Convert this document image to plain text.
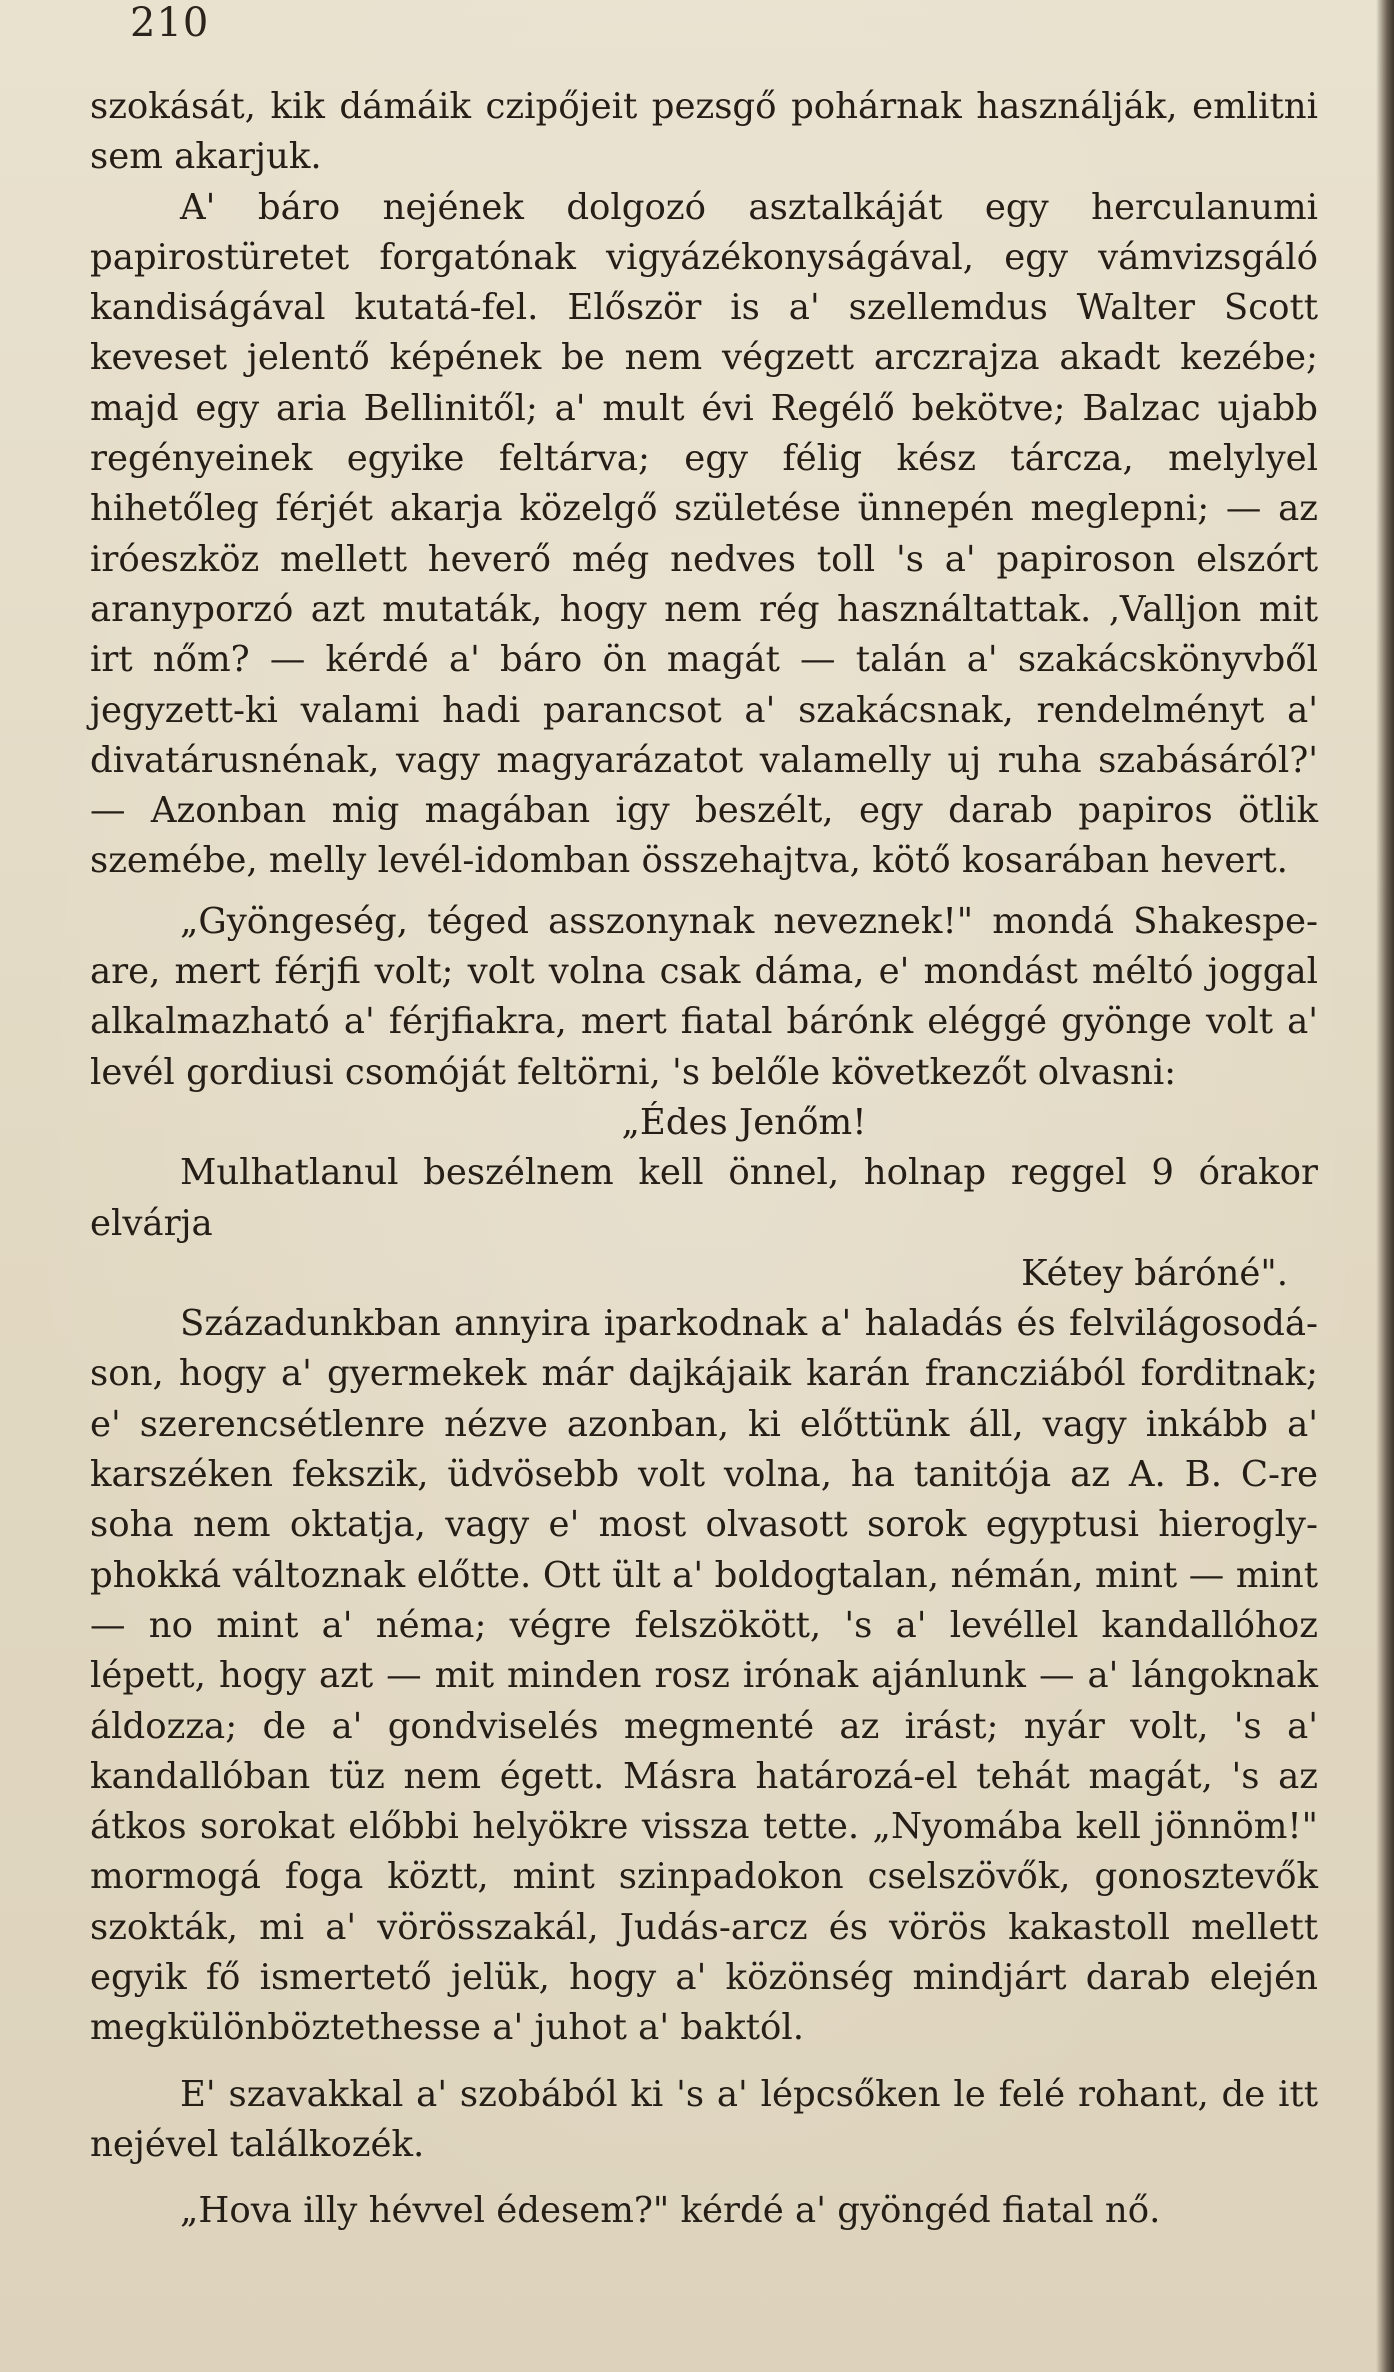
210

szokását, kik dámáik czipőjeit pezsgő pohárnak használják, emlitni sem akarjuk.

A' báro nejének dolgozó asztalkáját egy herculanumi papirostüretet forgatónak vigyázékonyságával, egy vámvizsgáló kandiságával kutatá-fel. Először is a' szellemdus Walter Scott keveset jelentő képének be nem végzett arczrajza akadt kezébe; majd egy aria Bellinitől; a' mult évi Regélő bekötve; Balzac ujabb regényeinek egyike feltárva; egy félig kész tárcza, melylyel hihetőleg férjét akarja közelgő születése ünnepén meglepni; — az iróeszköz mellett heverő még nedves toll 's a' papiroson elszórt aranyporzó azt mutaták, hogy nem rég használtattak. ‚Valljon mit irt nőm? — kérdé a' báro ön magát — talán a' szakácskönyvből jegyzett-ki valami hadi parancsot a' szakácsnak, rendelményt a' divatárusnénak, vagy magyarázatot valamelly uj ruha szabásáról?' — Azonban mig magában igy beszélt, egy darab papiros ötlik szemébe, melly levél-idomban összehajtva, kötő kosarában hevert.

„Gyöngeség, téged asszonynak neveznek!" mondá Shakespeare, mert férjfi volt; volt volna csak dáma, e' mondást méltó joggal alkalmazható a' férjfiakra, mert fiatal bárónk eléggé gyönge volt a' levél gordiusi csomóját feltörni, 's belőle következőt olvasni:

„Édes Jenőm!

Mulhatlanul beszélnem kell önnel, holnap reggel 9 órakor elvárja

Kétey báróné".

Századunkban annyira iparkodnak a' haladás és felvilágosodáson, hogy a' gyermekek már dajkájaik karán francziából forditnak; e' szerencsétlenre nézve azonban, ki előttünk áll, vagy inkább a' karszéken fekszik, üdvösebb volt volna, ha tanitója az A. B. C-re soha nem oktatja, vagy e' most olvasott sorok egyptusi hieroglyphokká változnak előtte. Ott ült a' boldogtalan, némán, mint — mint — no mint a' néma; végre felszökött, 's a' levéllel kandallóhoz lépett, hogy azt — mit minden rosz irónak ajánlunk — a' lángoknak áldozza; de a' gondviselés megmenté az irást; nyár volt, 's a' kandallóban tüz nem égett. Másra határozá-el tehát magát, 's az átkos sorokat előbbi helyökre vissza tette. „Nyomába kell jönnöm!" mormogá foga köztt, mint szinpadokon cselszövők, gonosztevők szokták, mi a' vörösszakál, Judás-arcz és vörös kakastoll mellett egyik fő ismertető jelük, hogy a' közönség mindjárt darab elején megkülönböztethesse a' juhot a' baktól.

E' szavakkal a' szobából ki 's a' lépcsőken le felé rohant, de itt nejével találkozék.

„Hova illy hévvel édesem?" kérdé a' gyöngéd fiatal nő.
